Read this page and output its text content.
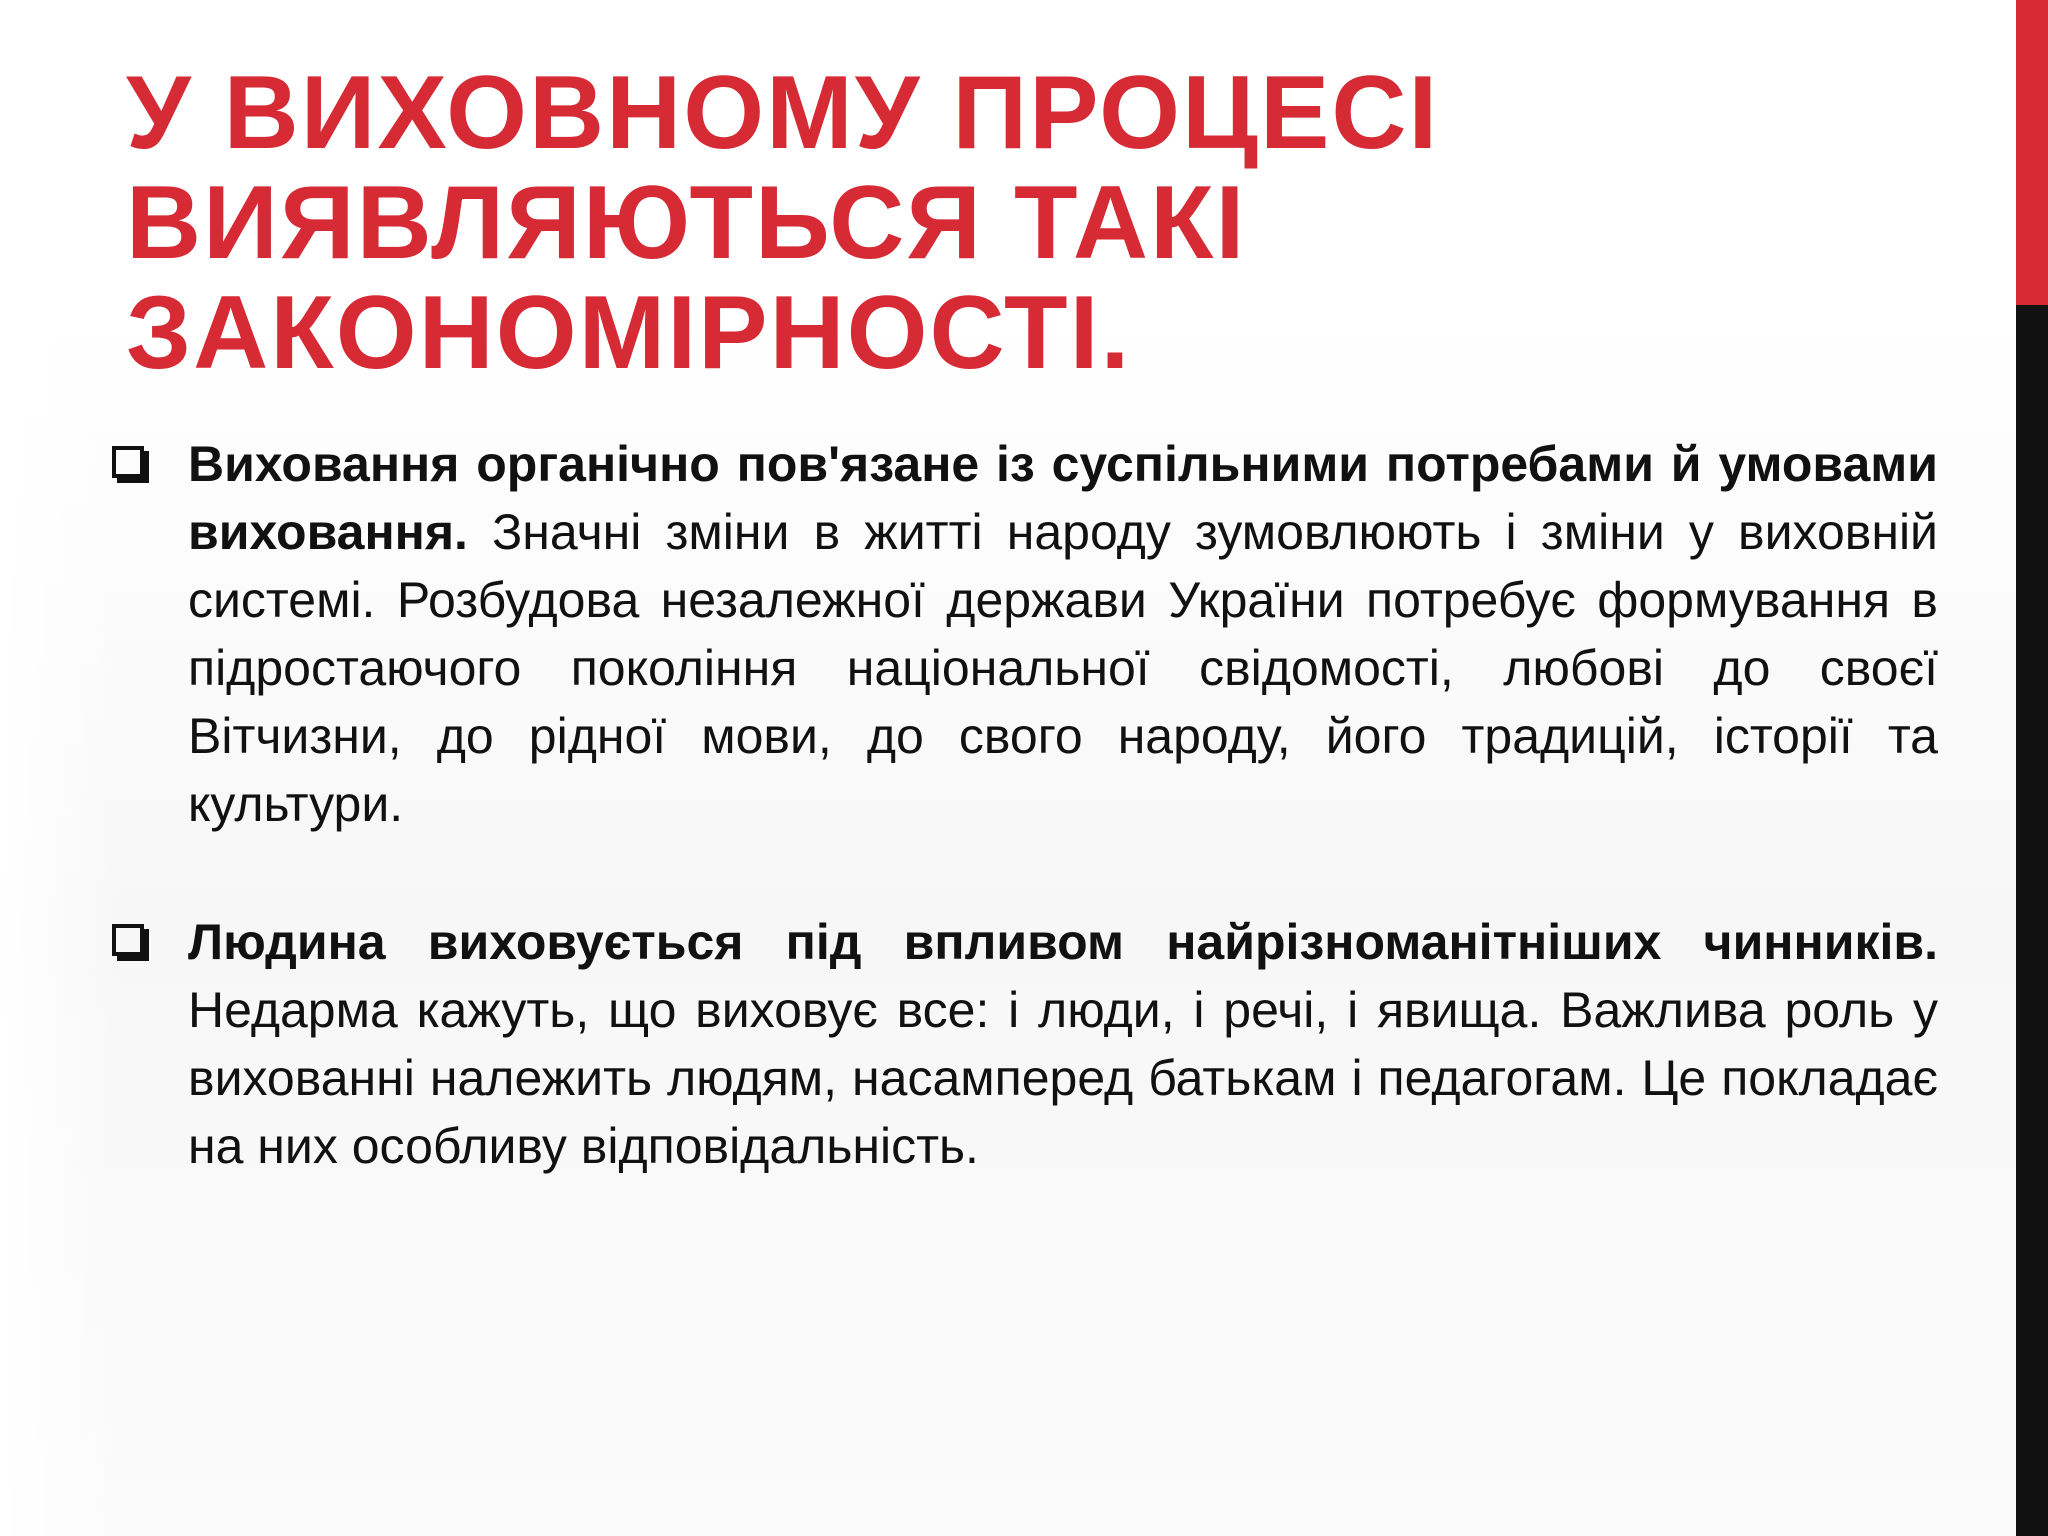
У ВИХОВНОМУ ПРОЦЕСІ
ВИЯВЛЯЮТЬСЯ ТАКІ
ЗАКОНОМІРНОСТІ.
Виховання органічно пов'язане із суспільними потребами й умовами виховання. Значні зміни в житті народу зумовлюють і зміни у виховній системі. Розбудова незалежної держави України потребує формування в підростаючого покоління національної свідомості, любові до своєї Вітчизни, до рідної мови, до свого народу, його традицій, історії та культури.
Людина виховується під впливом найрізноманітніших чинників. Недарма кажуть, що виховує все: і люди, і речі, і явища. Важлива роль у вихованні належить людям, насамперед батькам і педагогам. Це покладає на них особливу відповідальність.
